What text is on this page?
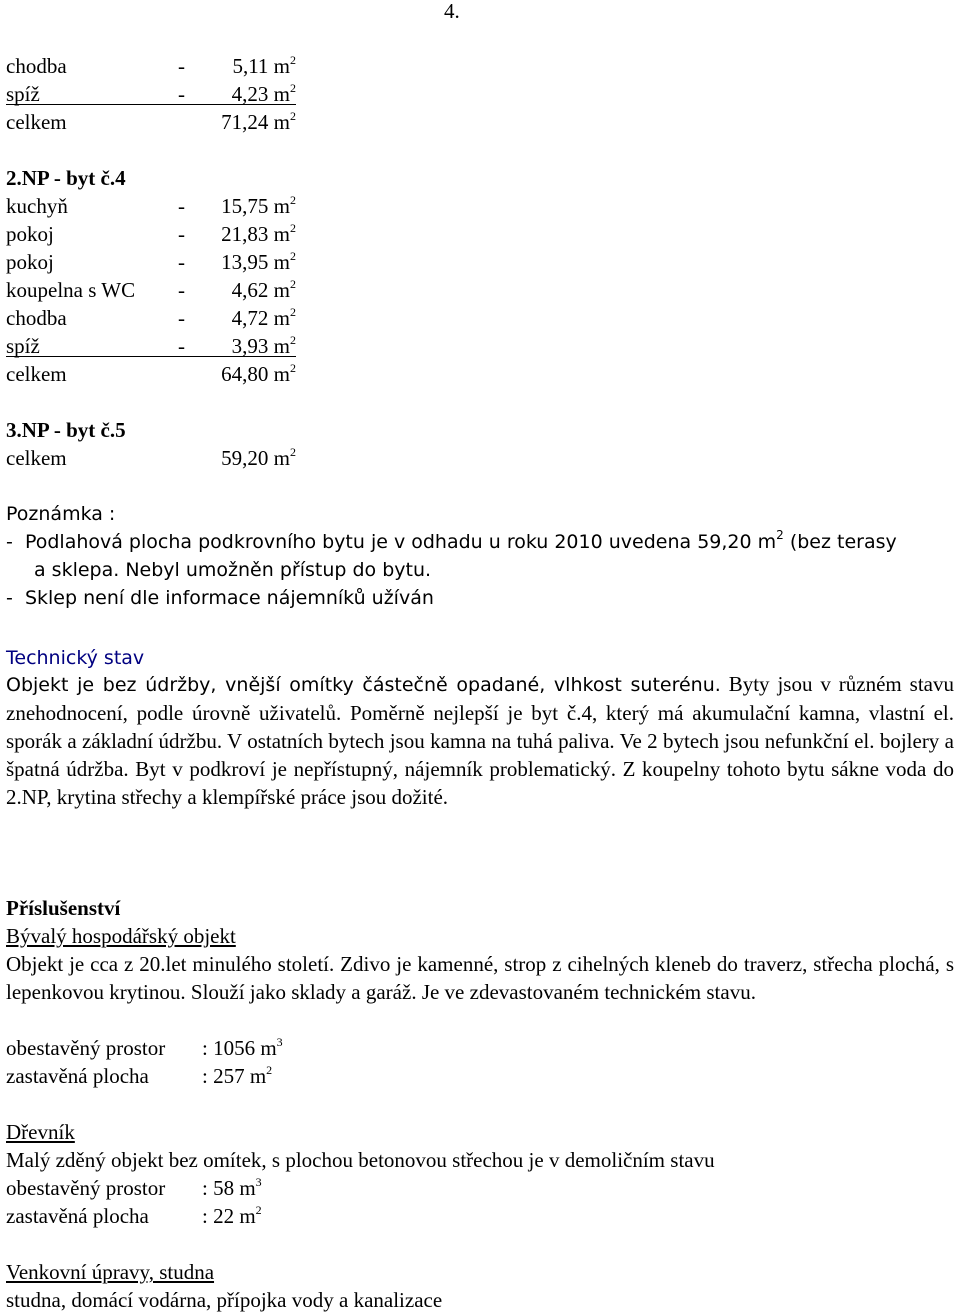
4.
chodba	- 5,11 $m^2$
spíž	- 4,23 $m^2$
celkem	71,24 $m^2$
2.NP - byt č.4
kuchyň	- 15,75 $m^2$
pokoj	- 21,83 $m^2$
pokoj	- 13,95 $m^2$
koupelna s WC - 4,62 $m^2$
chodba	- 4,72 $m^2$
spíž	- 3,93 $m^2$
celkem	64,80 $m^2$
3.NP - byt č.5
celkem	59,20 $m^2$
Poznámka :
- Podlahová plocha podkrovního bytu je v odhadu u roku 2010 uvedena 59,20 $m^2$ (bez terasy
a sklepa. Nebyl umožněn přístup do bytu.
- Sklep není dle informace nájemníků užíván
Technický stav
Objekt je bez údržby, vnější omítky částečně opadané, vlhkost suterénu. Byty jsou v různém stavu znehodnocení, podle úrovně uživatelů. Poměrně nejlepší je byt č.4, který má akumulační kamna, vlastní el. sporák a základní údržbu. V ostatních bytech jsou kamna na tuhá paliva. Ve 2 bytech jsou nefunkční el. bojlery a špatná údržba. Byt v podkroví je nepřístupný, nájemník problematický. Z koupelny tohoto bytu sákne voda do 2.NP, krytina střechy a klempířské práce jsou dožité.
Příslušenství
Bývalý hospodářský objekt
Objekt je cca z 20.let minulého století. Zdivo je kamenné, strop z cihelných kleneb do traverz, střecha plochá, s lepenkovou krytinou. Slouží jako sklady a garáž. Je ve zdevastovaném technickém stavu.
obestavěný prostor : 1056 $m^3$
zastavěná plocha	: 257 $m^2$
Dřevník
Malý zděný objekt bez omítek, s plochou betonovou střechou je v demoličním stavu
obestavěný prostor : 58 $m^3$
zastavěná plocha	: 22 $m^2$
Venkovní úpravy, studna
studna, domácí vodárna, přípojka vody a kanalizace
